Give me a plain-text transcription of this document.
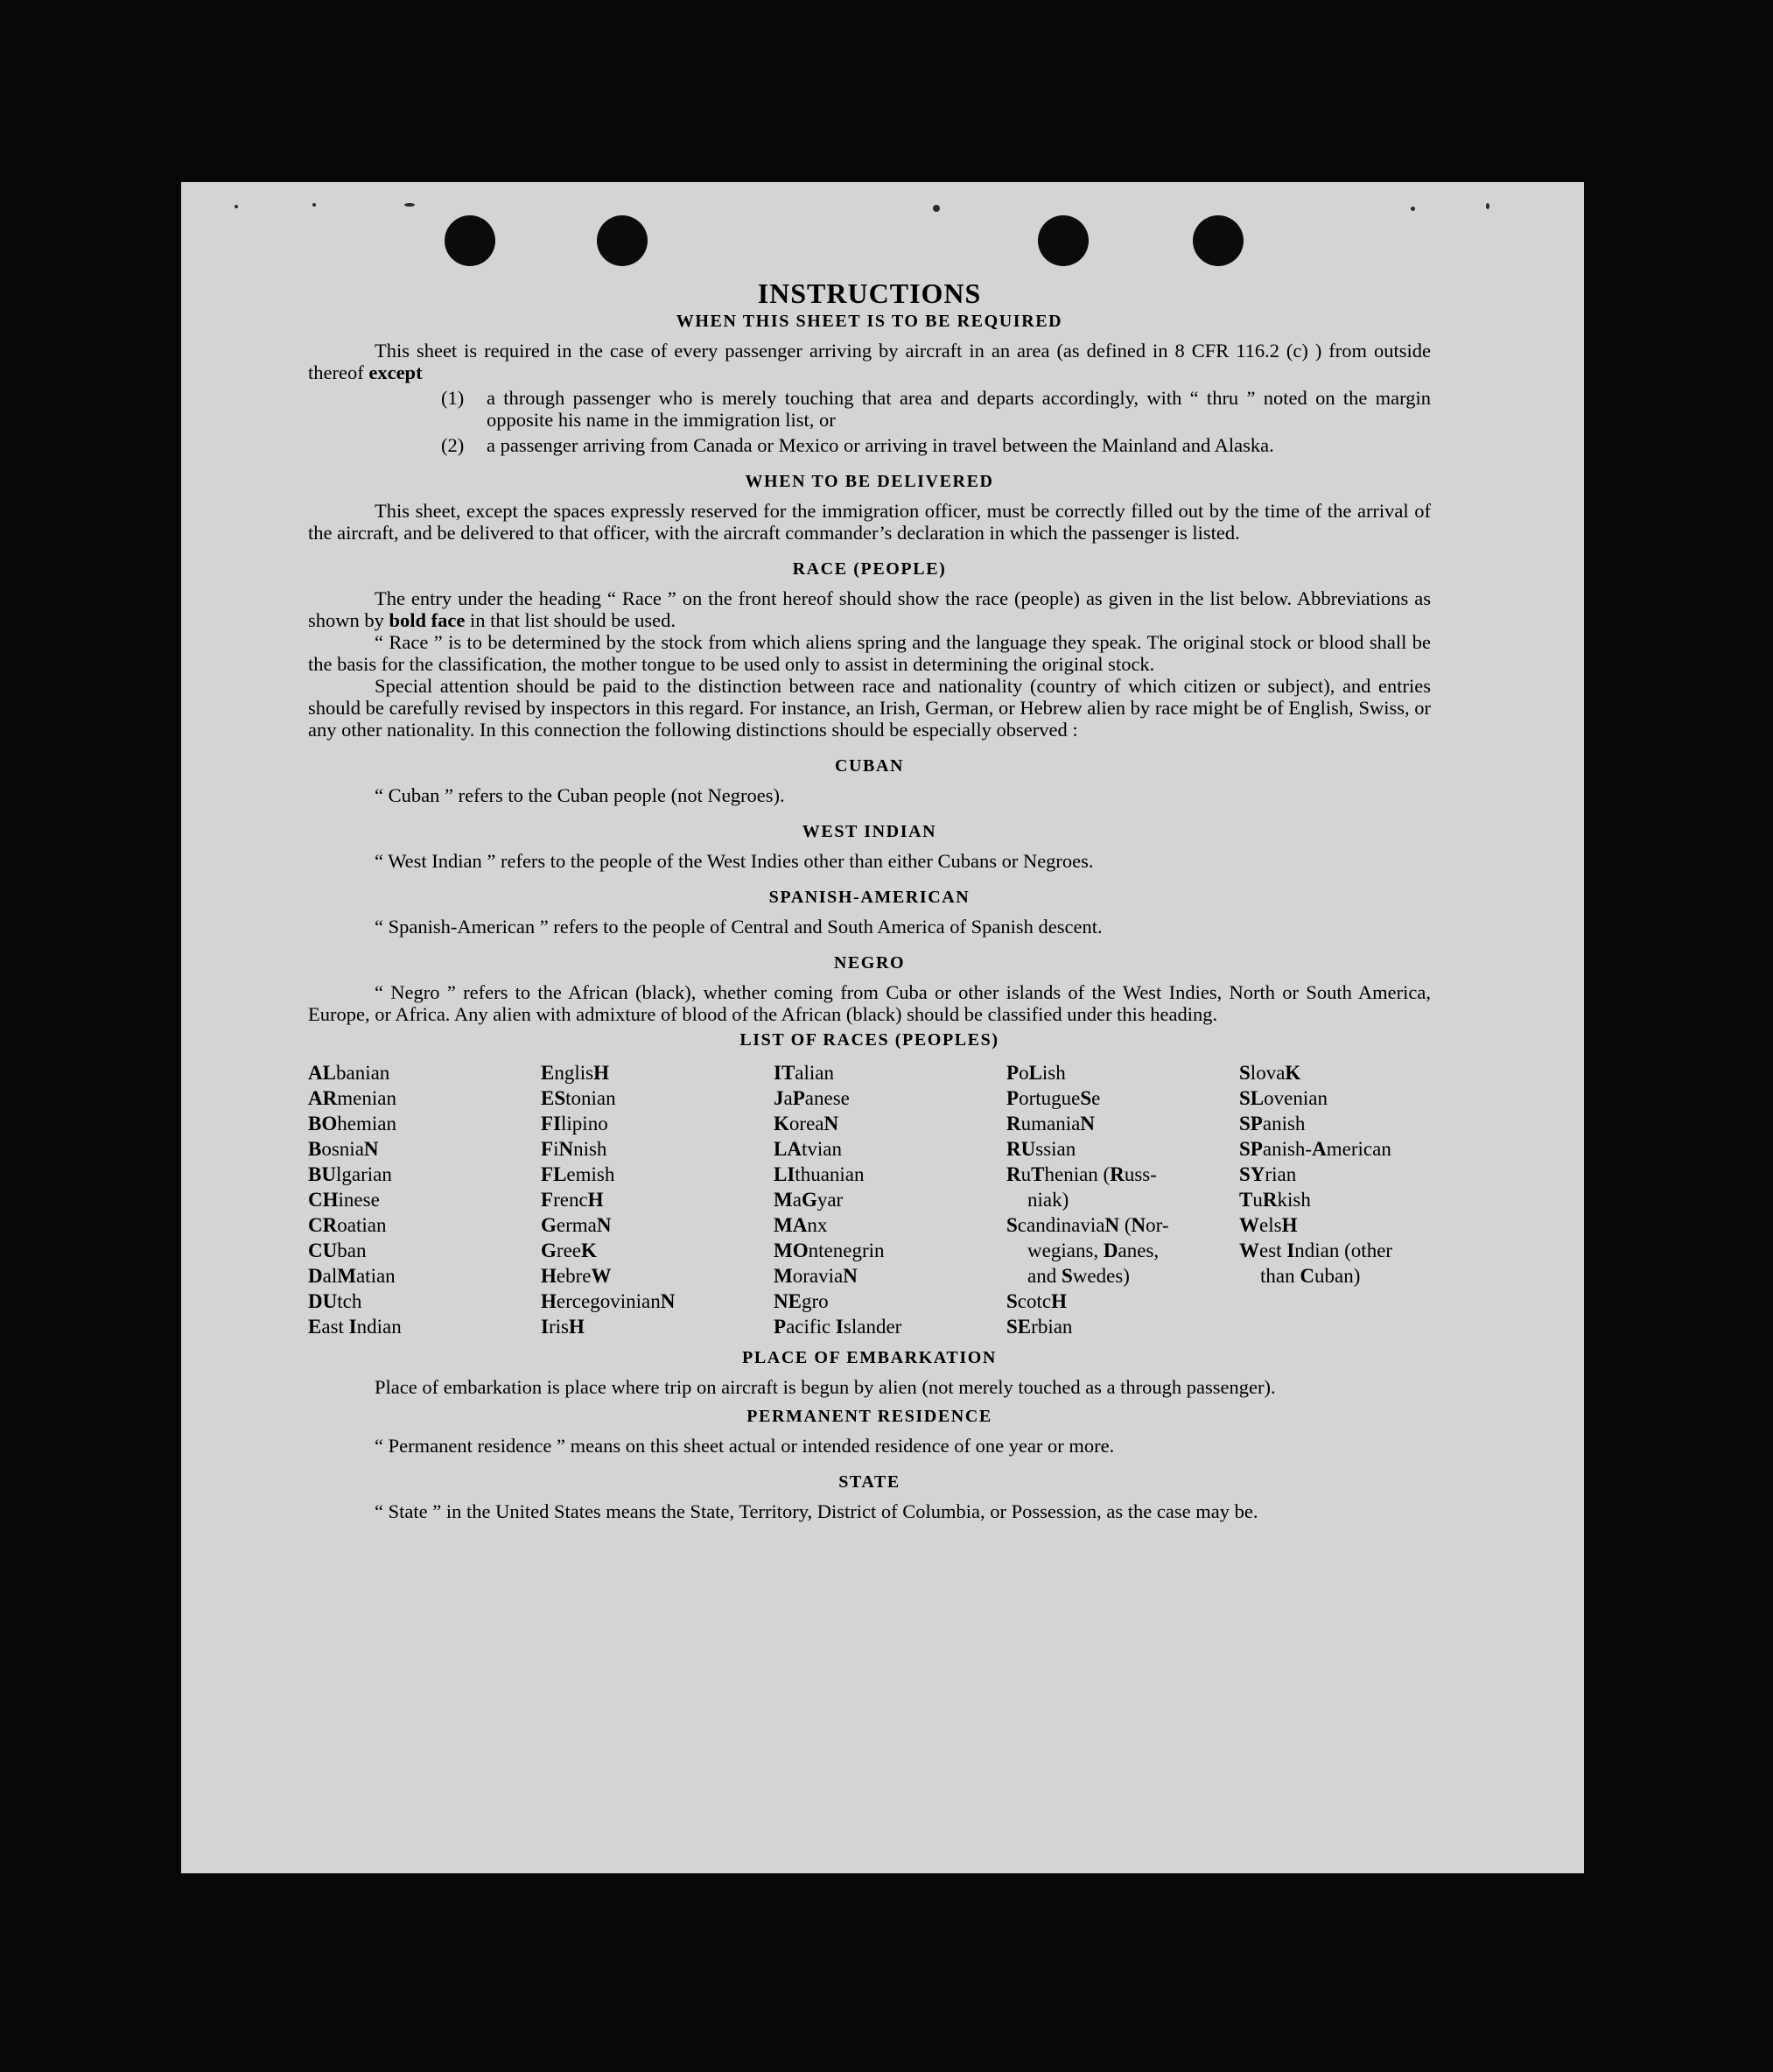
INSTRUCTIONS
WHEN THIS SHEET IS TO BE REQUIRED

This sheet is required in the case of every passenger arriving by aircraft in an area (as defined in 8 CFR 116.2 (c) ) from outside thereof except

(1)	a through passenger who is merely touching that area and departs accordingly, with “ thru ” noted on the margin opposite his name in the immigration list, or
(2)	a passenger arriving from Canada or Mexico or arriving in travel between the Mainland and Alaska.
WHEN TO BE DELIVERED

This sheet, except the spaces expressly reserved for the immigration officer, must be correctly filled out by the time of the arrival of the aircraft, and be delivered to that officer, with the aircraft commander’s declaration in which the passenger is listed.

RACE (PEOPLE)

The entry under the heading “ Race ” on the front hereof should show the race (people) as given in the list below. Abbreviations as shown by bold face in that list should be used.

“ Race ” is to be determined by the stock from which aliens spring and the language they speak. The original stock or blood shall be the basis for the classification, the mother tongue to be used only to assist in determining the original stock.

Special attention should be paid to the distinction between race and nationality (country of which citizen or subject), and entries should be carefully revised by inspectors in this regard. For instance, an Irish, German, or Hebrew alien by race might be of English, Swiss, or any other nationality. In this connection the following distinctions should be especially observed :

CUBAN

“ Cuban ” refers to the Cuban people (not Negroes).

WEST INDIAN

“ West Indian ” refers to the people of the West Indies other than either Cubans or Negroes.

SPANISH-AMERICAN

“ Spanish-American ” refers to the people of Central and South America of Spanish descent.

NEGRO

“ Negro ” refers to the African (black), whether coming from Cuba or other islands of the West Indies, North or South America, Europe, or Africa. Any alien with admixture of blood of the African (black) should be classified under this heading.

LIST OF RACES (PEOPLES)
ALbanian
ARmenian
BOhemian
BosniaN
BUlgarian
CHinese
CRoatian
CUban
DalMatian
DUtch
East Indian
EnglisH
EStonian
FIlipino
FiNnish
FLemish
FrencH
GermaN
GreeK
HebreW
HercegovinianN
IrisH
ITalian
JaPanese
KoreaN
LAtvian
LIthuanian
MaGyar
MAnx
MOntenegrin
MoraviaN
NEgro
Pacific Islander
PoLish
PortugueSe
RumaniaN
RUssian
RuThenian (Russ-
niak)
ScandinaviaN (Nor-
wegians, Danes,
and Swedes)
ScotcH
SErbian
SlovaK
SLovenian
SPanish
SPanish-American
SYrian
TuRkish
WelsH
West Indian (other
than Cuban)
PLACE OF EMBARKATION

Place of embarkation is place where trip on aircraft is begun by alien (not merely touched as a through passenger).

PERMANENT RESIDENCE

“ Permanent residence ” means on this sheet actual or intended residence of one year or more.

STATE

“ State ” in the United States means the State, Territory, District of Columbia, or Possession, as the case may be.
